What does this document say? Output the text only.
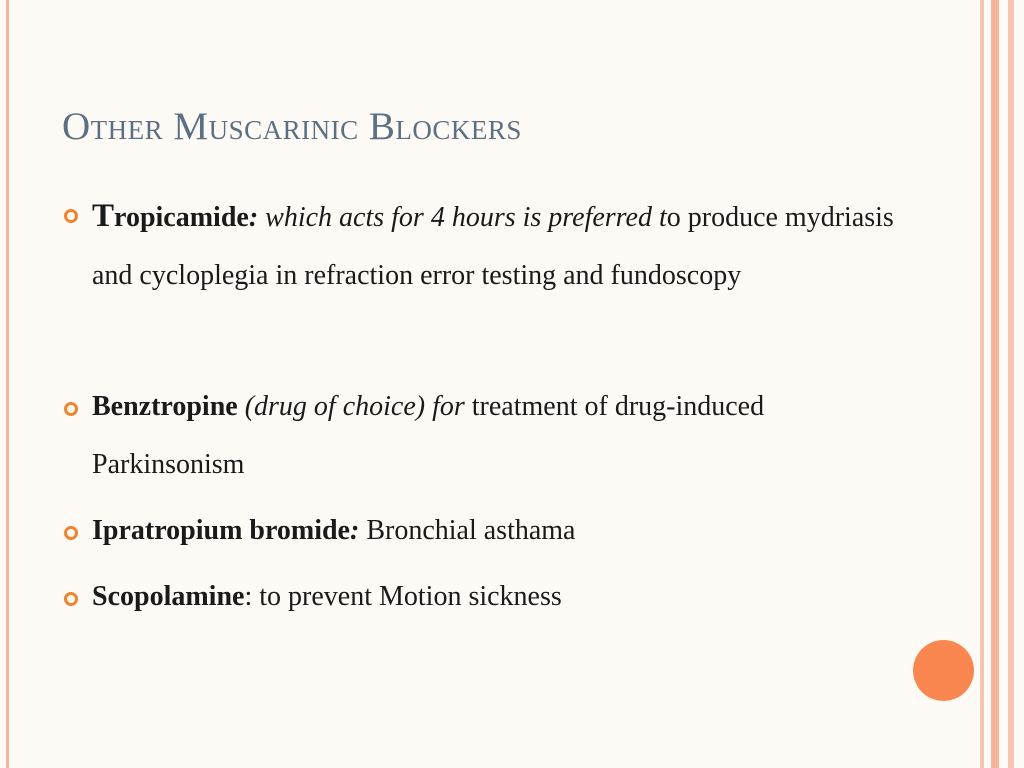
Other Muscarinic Blockers
Tropicamide: which acts for 4 hours is preferred to produce mydriasis and cycloplegia in refraction error testing and fundoscopy
Benztropine (drug of choice) for treatment of drug-induced Parkinsonism
Ipratropium bromide: Bronchial asthama
Scopolamine: to prevent Motion sickness
